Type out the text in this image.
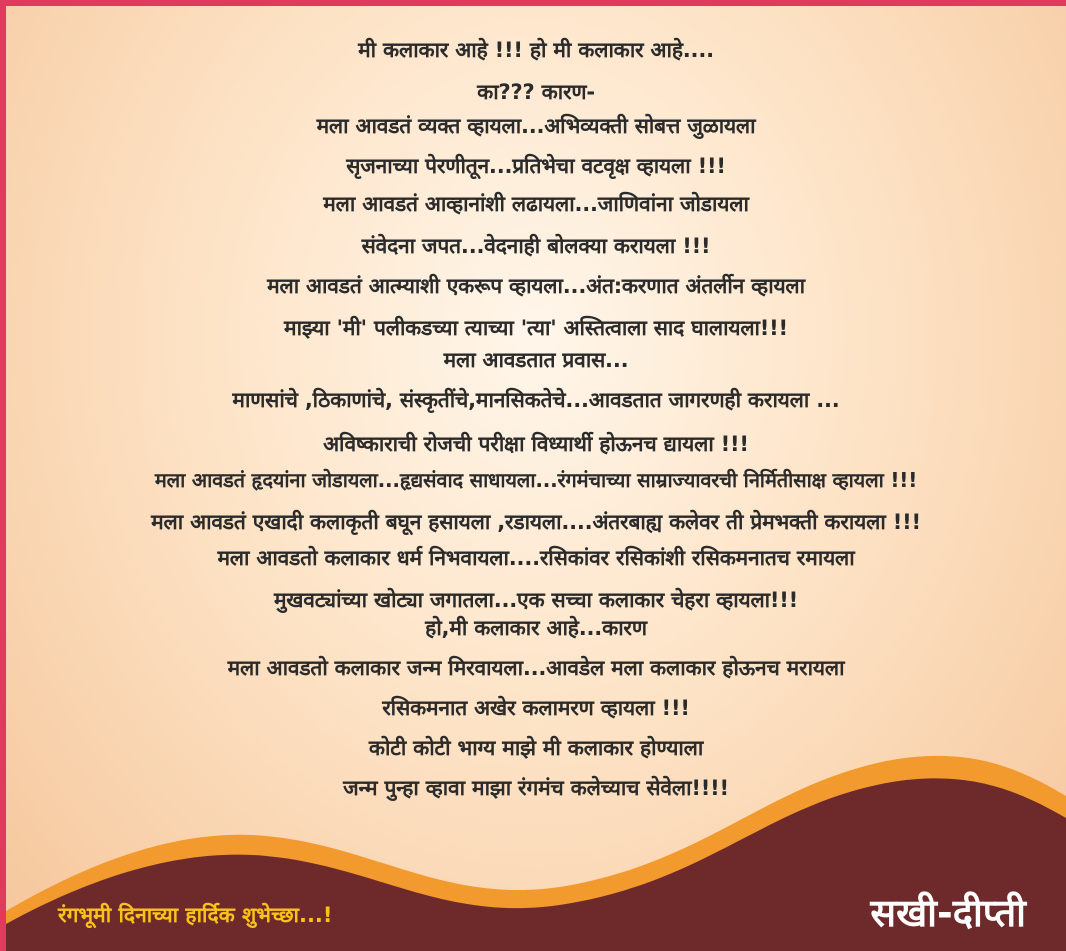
मी कलाकार आहे !!! हो मी कलाकार आहे....
का??? कारण-
मला आवडतं व्यक्त व्हायला...अभिव्यक्ती सोबत्त जुळायला
सृजनाच्या पेरणीतून...प्रतिभेचा वटवृक्ष व्हायला !!!
मला आवडतं आव्हानांशी लढायला...जाणिवांना जोडायला
संवेदना जपत...वेदनाही बोलक्या करायला !!!
मला आवडतं आत्म्याशी एकरूप व्हायला...अंत:करणात अंतर्लीन व्हायला
माझ्या 'मी' पलीकडच्या त्याच्या 'त्या' अस्तित्वाला साद घालायला!!!
मला आवडतात प्रवास...
माणसांचे ,ठिकाणांचे, संस्कृतींचे,मानसिकतेचे...आवडतात जागरणही करायला ...
अविष्काराची रोजची परीक्षा विध्यार्थी होऊनच द्यायला !!!
मला आवडतं हृदयांना जोडायला...हृद्यसंवाद साधायला...रंगमंचाच्या साम्राज्यावरची निर्मितीसाक्ष व्हायला !!!
मला आवडतं एखादी कलाकृती बघून हसायला ,रडायला....अंतरबाह्य कलेवर ती प्रेमभक्ती करायला !!!
मला आवडतो कलाकार धर्म निभवायला....रसिकांवर रसिकांशी रसिकमनातच रमायला
मुखवट्यांच्या खोट्या जगातला...एक सच्चा कलाकार चेहरा व्हायला!!!
हो,मी कलाकार आहे...कारण
मला आवडतो कलाकार जन्म मिरवायला...आवडेल मला कलाकार होऊनच मरायला
रसिकमनात अखेर कलामरण व्हायला !!!
कोटी कोटी भाग्य माझे मी कलाकार होण्याला
जन्म पुन्हा व्हावा माझा रंगमंच कलेच्याच सेवेला!!!!
रंगभूमी दिनाच्या हार्दिक शुभेच्छा...!	सखी-दीप्ती
